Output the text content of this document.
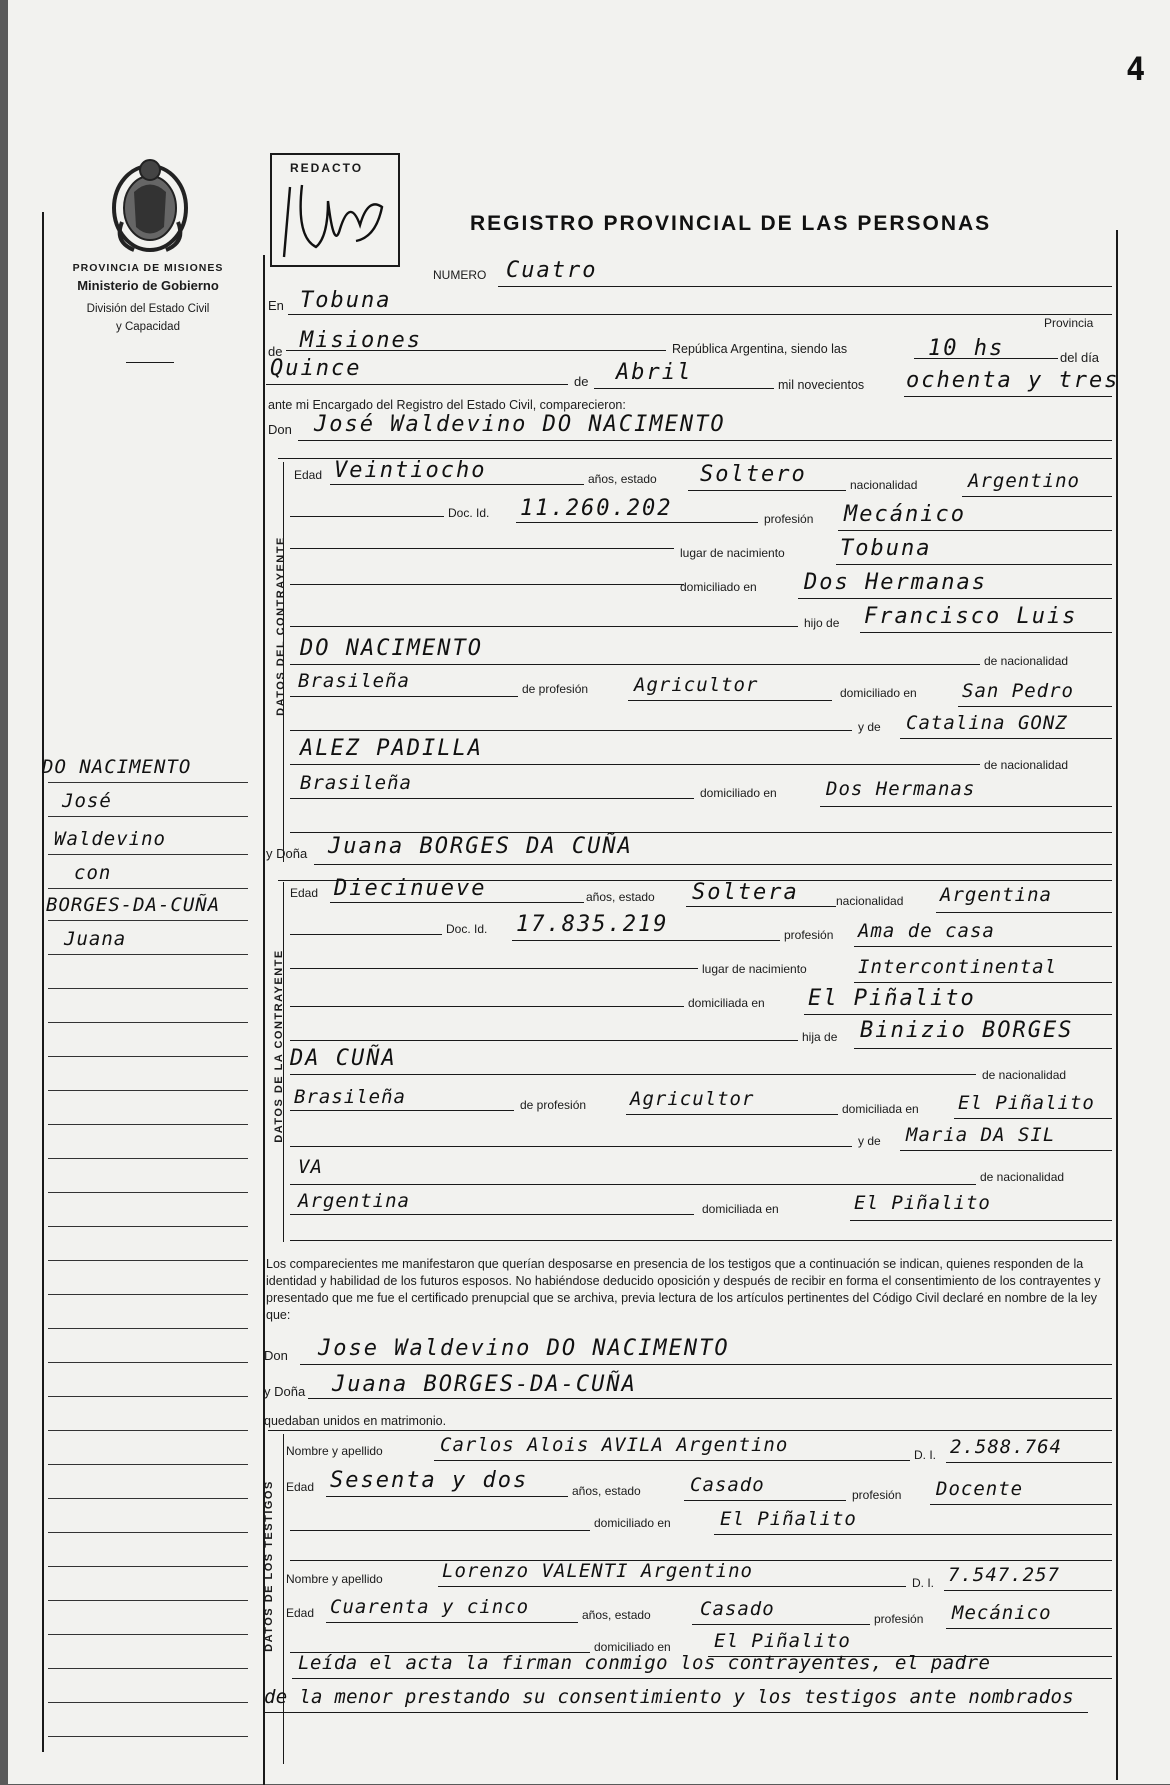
4
PROVINCIA DE MISIONES
Ministerio de Gobierno
División del Estado Civil
y Capacidad
REDACTO
REGISTRO PROVINCIAL DE LAS PERSONAS
NUMERO Cuatro
En Tobuna
Provincia
de Misiones	República Argentina, siendo las	10 hs	del día
Quince
de Abril	mil novecientos ochenta y tres
ante mi Encargado del Registro del Estado Civil, comparecieron:
Don José Waldevino DO NACIMENTO
DATOS DEL CONTRAYENTE
Edad Veintiocho	años, estado Soltero	nacionalidad	Argentino
Doc. Id. 11.260.202	profesión Mecánico
lugar de nacimiento	Tobuna
domiciliado en Dos Hermanas
hijo de Francisco Luis
DO NACIMENTO	de nacionalidad
Brasileña	de profesión Agricultor	domiciliado en San Pedro
y de Catalina GONZ
ALEZ PADILLA
de nacionalidad
Brasileña	domiciliado en	Dos Hermanas
y Doña Juana BORGES DA CUÑA
DATOS DE LA CONTRAYENTE
Edad Diecinueve	años, estado Soltera	nacionalidad Argentina
Doc. Id. 17.835.219	profesión Ama de casa
lugar de nacimiento	Intercontinental
domiciliada en El Piñalito
hija de Binizio BORGES
DA CUÑA
de nacionalidad
Brasileña	de profesión Agricultor	domiciliada en El Piñalito
y de Maria DA SIL
VA	de nacionalidad
Argentina	domiciliada en	El Piñalito
Los comparecientes me manifestaron que querían desposarse en presencia de los testigos que a continuación se indican, quienes responden de la identidad y habilidad de los futuros esposos. No habiéndose deducido oposición y después de recibir en forma el consentimiento de los contrayentes y presentado que me fue el certificado prenupcial que se archiva, previa lectura de los artículos pertinentes del Código Civil declaré en nombre de la ley que:
Don Jose Waldevino DO NACIMENTO
y Doña Juana BORGES-DA-CUÑA
quedaban unidos en matrimonio.
DATOS DE LOS TESTIGOS
Nombre y apellido	Carlos Alois AVILA Argentino	D. I. 2.588.764
Edad Sesenta y dos	años, estado	Casado	profesión Docente
domiciliado en	El Piñalito
Nombre y apellido	Lorenzo VALENTI Argentino
D. I. 7.547.257
Edad Cuarenta y cinco	años, estado	Casado	profesión Mecánico
domiciliado en El Piñalito
Leída el acta la firman conmigo los contrayentes, el padre
de la menor prestando su consentimiento y los testigos ante nombrados
DO NACIMENTO
José
Waldevino
con
BORGES-DA-CUÑA
Juana
